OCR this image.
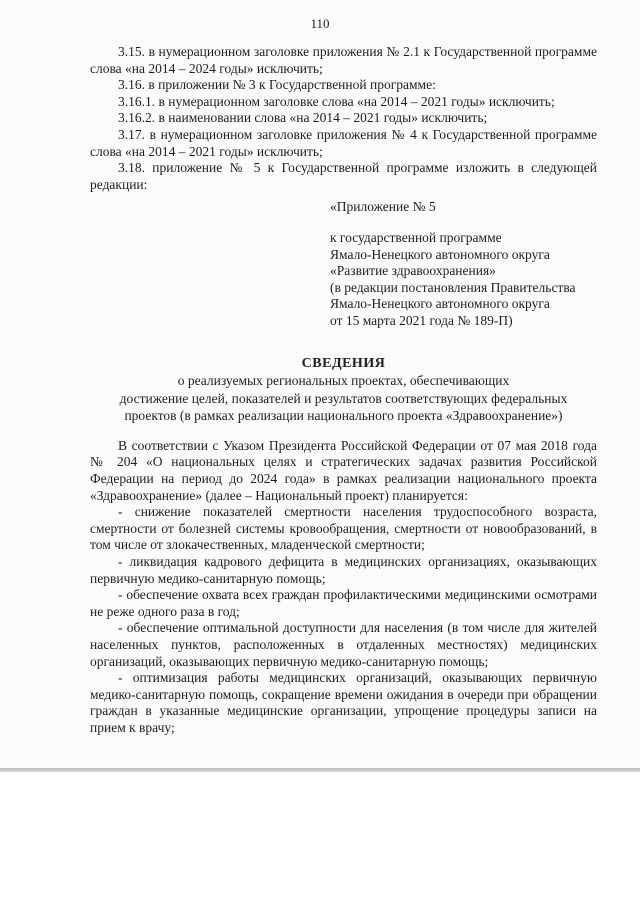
110

3.15. в нумерационном заголовке приложения № 2.1 к Государственной программе слова «на 2014 – 2024 годы» исключить;

3.16. в приложении № 3 к Государственной программе:

3.16.1. в нумерационном заголовке слова «на 2014 – 2021 годы» исключить;

3.16.2. в наименовании слова «на 2014 – 2021 годы» исключить;

3.17. в нумерационном заголовке приложения № 4 к Государственной программе слова «на 2014 – 2021 годы» исключить;

3.18. приложение № 5 к Государственной программе изложить в следующей редакции:

«Приложение № 5
к государственной программе
Ямало-Ненецкого автономного округа
«Развитие здравоохранения»
(в редакции постановления Правительства
Ямало-Ненецкого автономного округа
от 15 марта 2021 года № 189-П)
СВЕДЕНИЯ
о реализуемых региональных проектах, обеспечивающих
достижение целей, показателей и результатов соответствующих федеральных
проектов (в рамках реализации национального проекта «Здравоохранение»)

В соответствии с Указом Президента Российской Федерации от 07 мая 2018 года № 204 «О национальных целях и стратегических задачах развития Российской Федерации на период до 2024 года» в рамках реализации национального проекта «Здравоохранение» (далее – Национальный проект) планируется:

- снижение показателей смертности населения трудоспособного возраста, смертности от болезней системы кровообращения, смертности от новообразований, в том числе от злокачественных, младенческой смертности;

- ликвидация кадрового дефицита в медицинских организациях, оказывающих первичную медико-санитарную помощь;

- обеспечение охвата всех граждан профилактическими медицинскими осмотрами не реже одного раза в год;

- обеспечение оптимальной доступности для населения (в том числе для жителей населенных пунктов, расположенных в отдаленных местностях) медицинских организаций, оказывающих первичную медико-санитарную помощь;

- оптимизация работы медицинских организаций, оказывающих первичную медико-санитарную помощь, сокращение времени ожидания в очереди при обращении граждан в указанные медицинские организации, упрощение процедуры записи на прием к врачу;
